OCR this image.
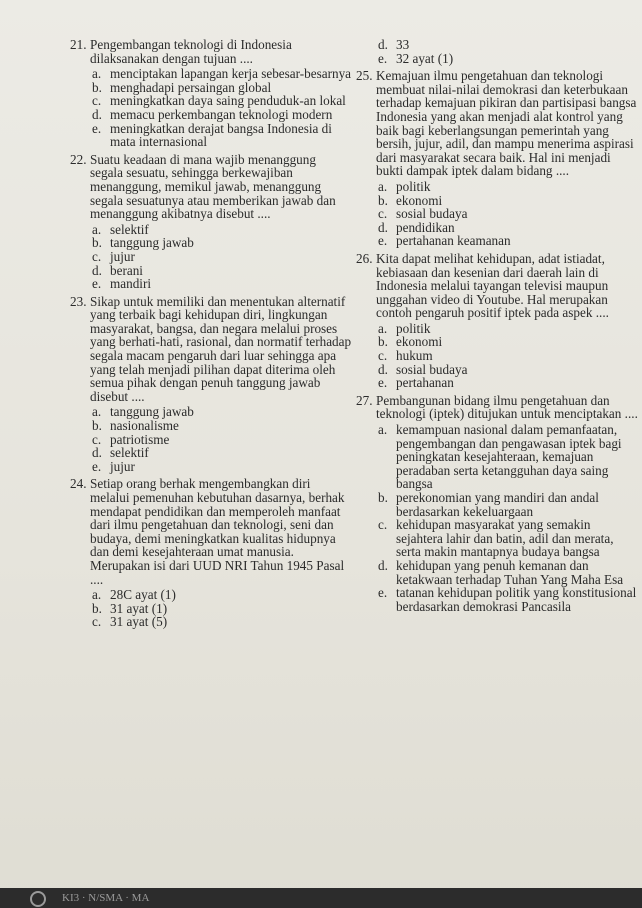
21. Pengembangan teknologi di Indonesia dilaksanakan dengan tujuan ....
a. menciptakan lapangan kerja sebesar-besarnya
b. menghadapi persaingan global
c. meningkatkan daya saing penduduk-an lokal
d. memacu perkembangan teknologi modern
e. meningkatkan derajat bangsa Indonesia di mata internasional
22. Suatu keadaan di mana wajib menanggung segala sesuatu, sehingga berkewajiban menanggung, memikul jawab, menanggung segala sesuatunya atau memberikan jawab dan menanggung akibatnya disebut ....
a. selektif
b. tanggung jawab
c. jujur
d. berani
e. mandiri
23. Sikap untuk memiliki dan menentukan alternatif yang terbaik bagi kehidupan diri, lingkungan masyarakat, bangsa, dan negara melalui proses yang berhati-hati, rasional, dan normatif terhadap segala macam pengaruh dari luar sehingga apa yang telah menjadi pilihan dapat diterima oleh semua pihak dengan penuh tanggung jawab disebut ....
a. tanggung jawab
b. nasionalisme
c. patriotisme
d. selektif
e. jujur
24. Setiap orang berhak mengembangkan diri melalui pemenuhan kebutuhan dasarnya, berhak mendapat pendidikan dan memperoleh manfaat dari ilmu pengetahuan dan teknologi, seni dan budaya, demi meningkatkan kualitas hidupnya dan demi kesejahteraan umat manusia. Merupakan isi dari UUD NRI Tahun 1945 Pasal ....
a. 28C ayat (1)
b. 31 ayat (1)
c. 31 ayat (5)
d. 33
e. 32 ayat (1)
25. Kemajuan ilmu pengetahuan dan teknologi membuat nilai-nilai demokrasi dan keterbukaan terhadap kemajuan pikiran dan partisipasi bangsa Indonesia yang akan menjadi alat kontrol yang baik bagi keberlangsungan pemerintah yang bersih, jujur, adil, dan mampu menerima aspirasi dari masyarakat secara baik. Hal ini menjadi bukti dampak iptek dalam bidang ....
a. politik
b. ekonomi
c. sosial budaya
d. pendidikan
e. pertahanan keamanan
26. Kita dapat melihat kehidupan, adat istiadat, kebiasaan dan kesenian dari daerah lain di Indonesia melalui tayangan televisi maupun unggahan video di Youtube. Hal merupakan contoh pengaruh positif iptek pada aspek ....
a. politik
b. ekonomi
c. hukum
d. sosial budaya
e. pertahanan
27. Pembangunan bidang ilmu pengetahuan dan teknologi (iptek) ditujukan untuk menciptakan ....
a. kemampuan nasional dalam pemanfaatan, pengembangan dan pengawasan iptek bagi peningkatan kesejahteraan, kemajuan peradaban serta ketangguhan daya saing bangsa
b. perekonomian yang mandiri dan andal berdasarkan kekeluargaan
c. kehidupan masyarakat yang semakin sejahtera lahir dan batin, adil dan merata, serta makin mantapnya budaya bangsa
d. kehidupan yang penuh kemanan dan ketakwaan terhadap Tuhan Yang Maha Esa
e. tatanan kehidupan politik yang konstitusional berdasarkan demokrasi Pancasila
KI3 · N/SMA · MA
